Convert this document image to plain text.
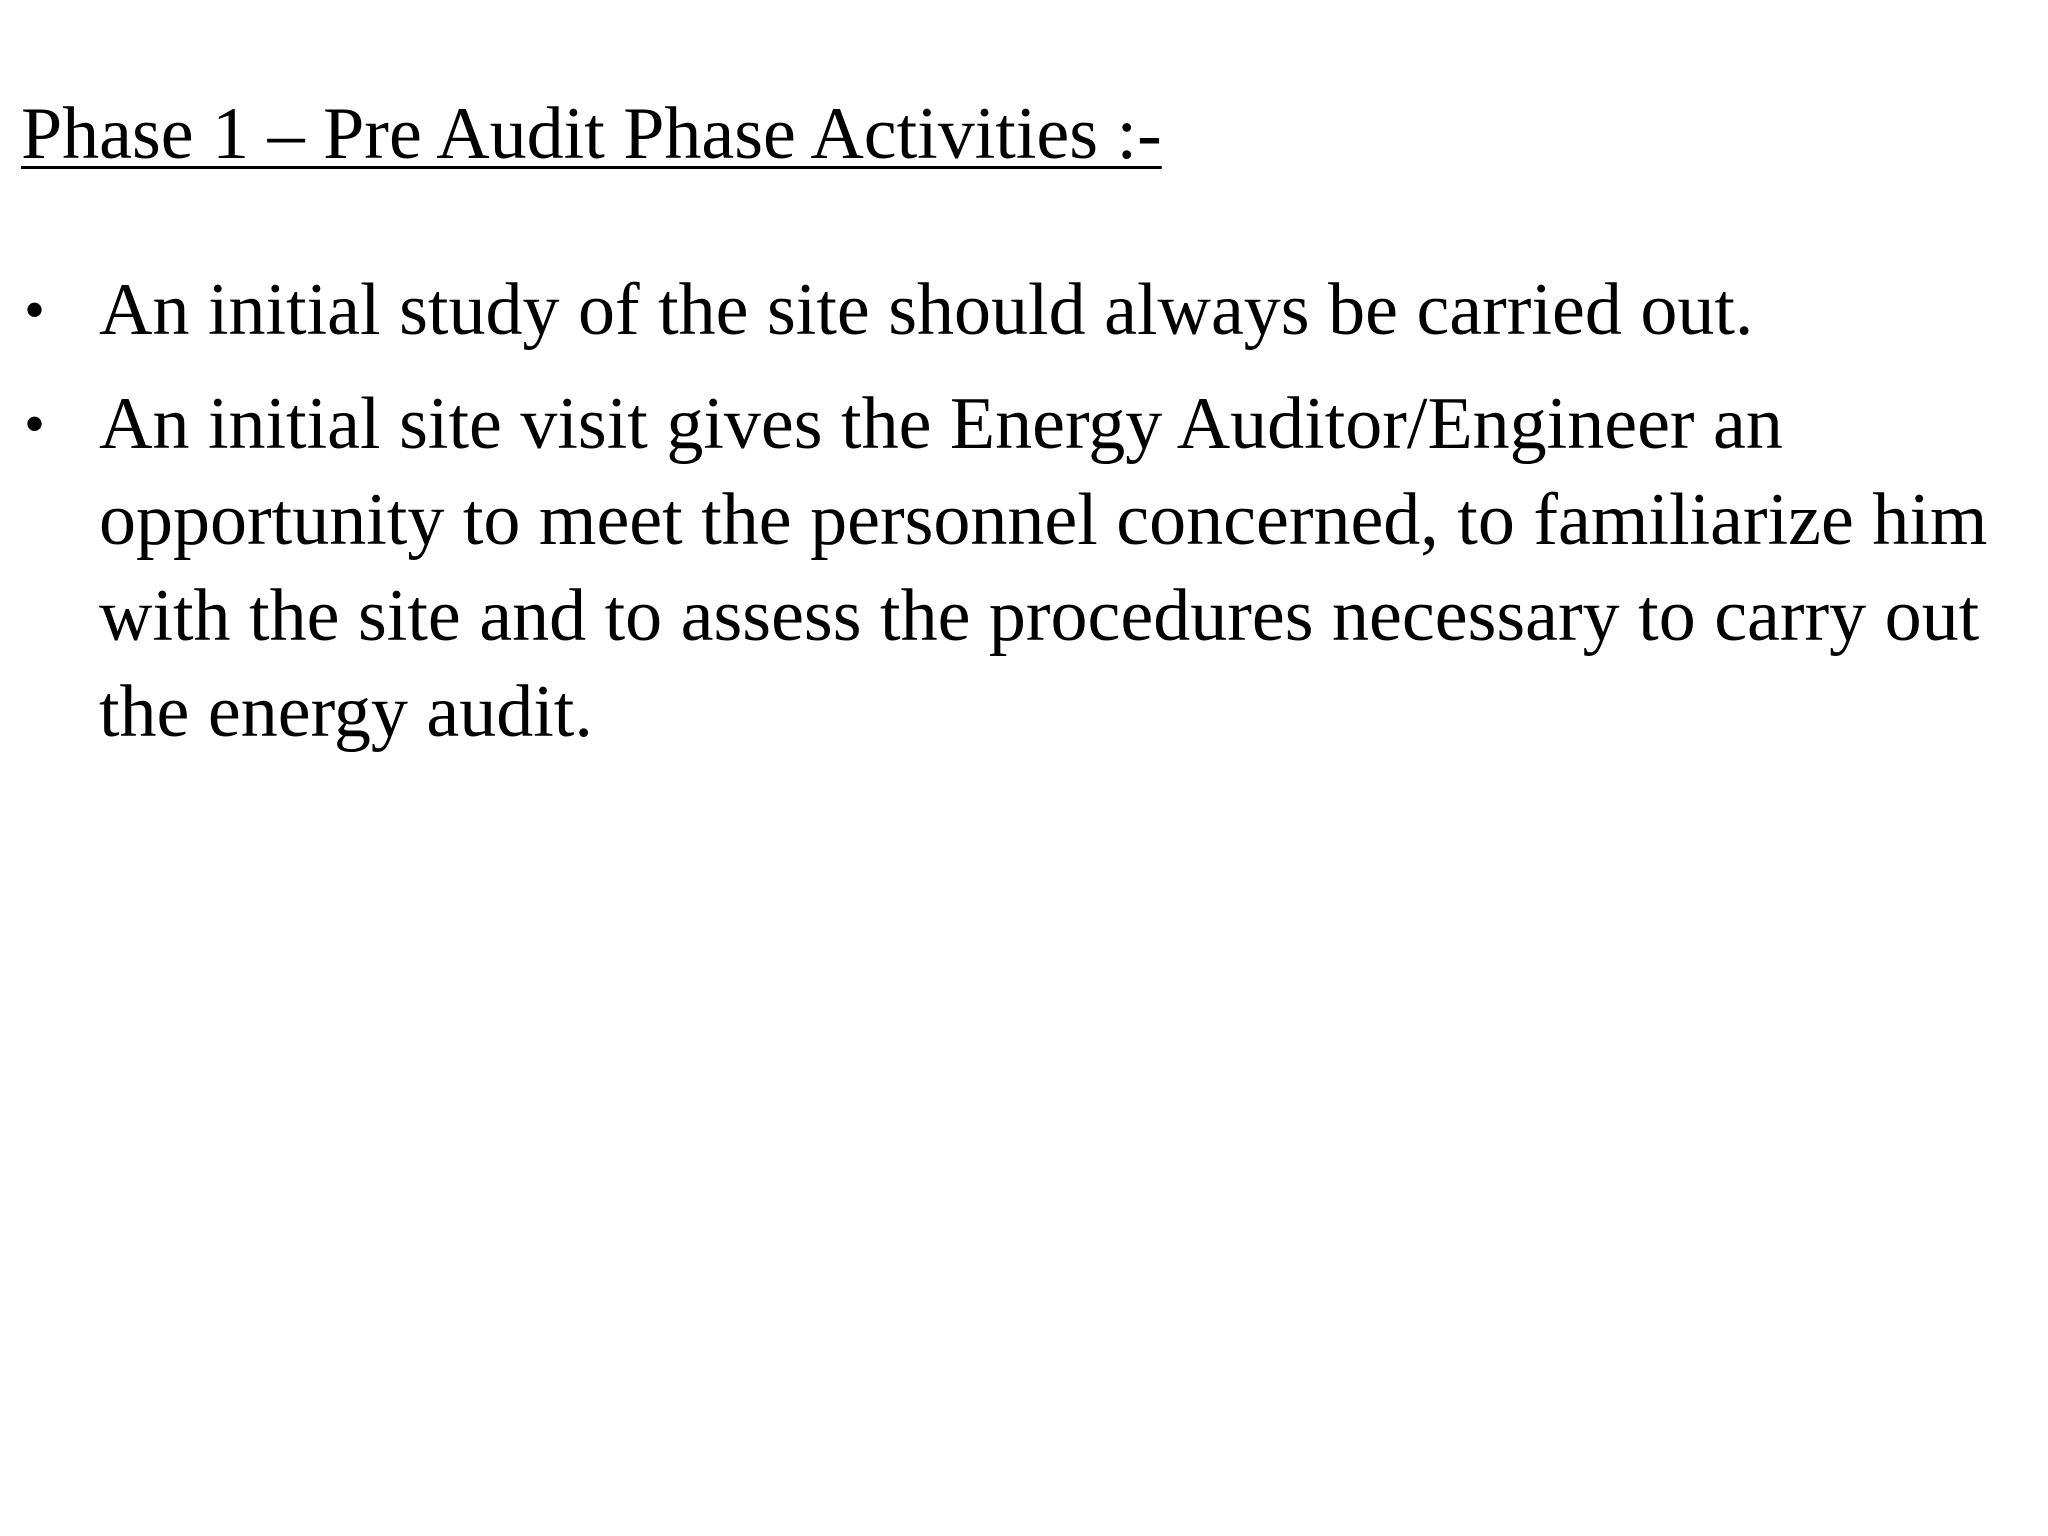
Phase 1 – Pre Audit Phase Activities :-
• An initial study of the site should always be carried out.
• An initial site visit gives the Energy Auditor/Engineer an opportunity to meet the personnel concerned, to familiarize him with the site and to assess the procedures necessary to carry out the energy audit.
